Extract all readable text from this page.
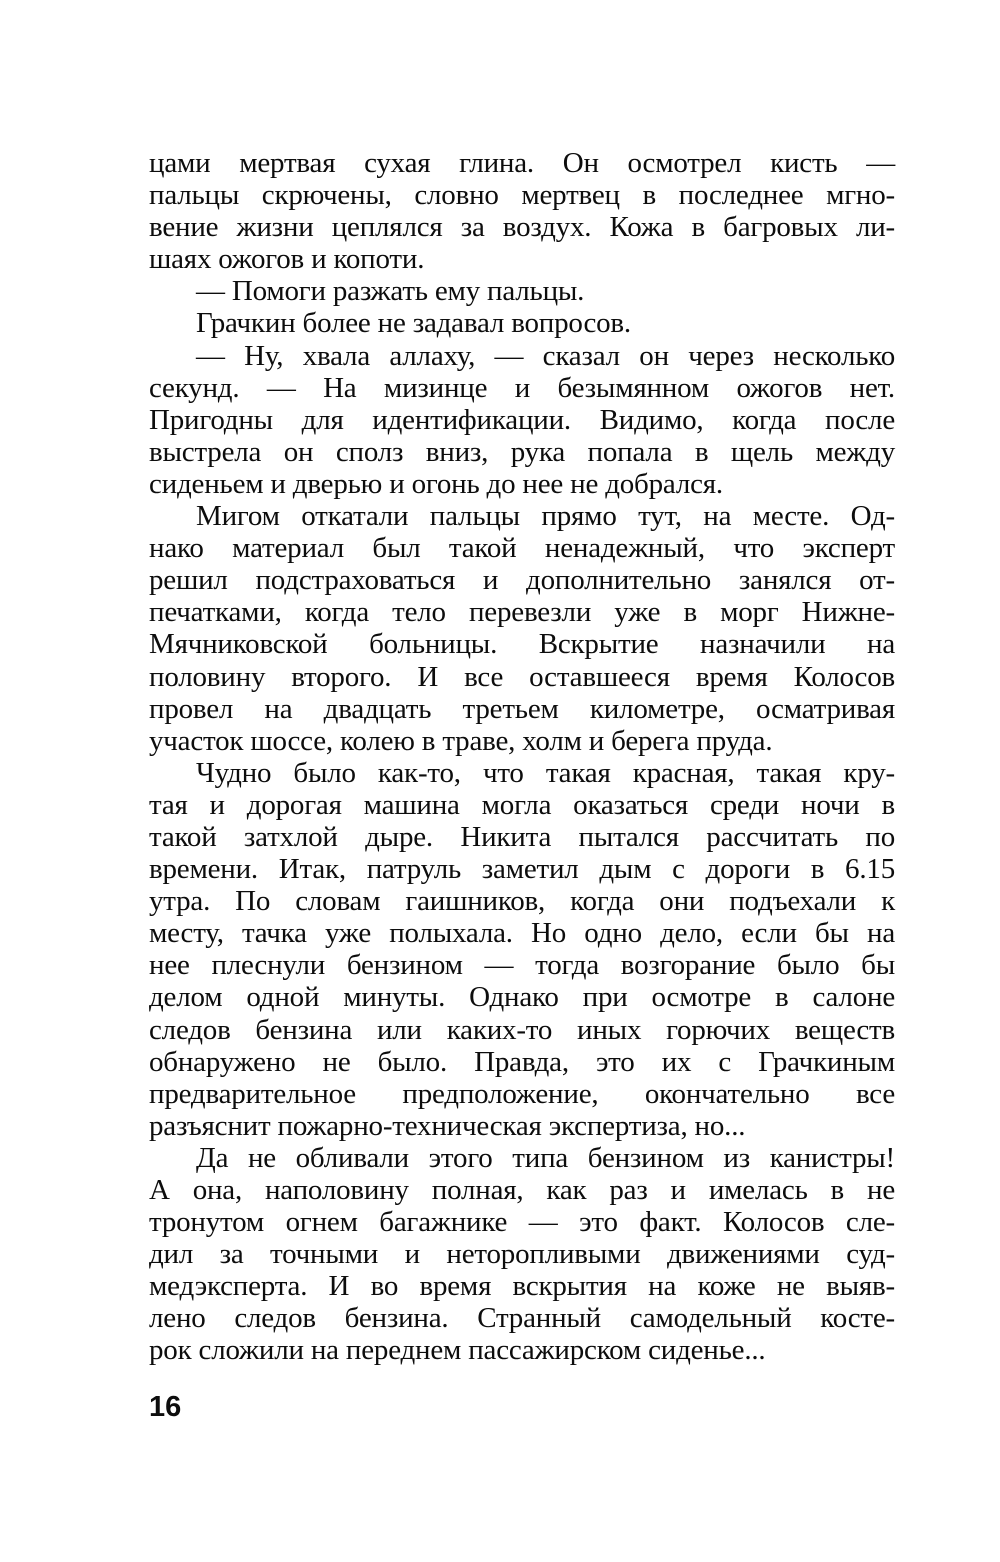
цами мертвая сухая глина. Он осмотрел кисть —
пальцы скрючены, словно мертвец в последнее мгно-
вение жизни цеплялся за воздух. Кожа в багровых ли-
шаях ожогов и копоти.
— Помоги разжать ему пальцы.
Грачкин более не задавал вопросов.
— Ну, хвала аллаху, — сказал он через несколько
секунд. — На мизинце и безымянном ожогов нет.
Пригодны для идентификации. Видимо, когда после
выстрела он сполз вниз, рука попала в щель между
сиденьем и дверью и огонь до нее не добрался.
Мигом откатали пальцы прямо тут, на месте. Од-
нако материал был такой ненадежный, что эксперт
решил подстраховаться и дополнительно занялся от-
печатками, когда тело перевезли уже в морг Нижне-
Мячниковской больницы. Вскрытие назначили на
половину второго. И все оставшееся время Колосов
провел на двадцать третьем километре, осматривая
участок шоссе, колею в траве, холм и берега пруда.
Чудно было как-то, что такая красная, такая кру-
тая и дорогая машина могла оказаться среди ночи в
такой затхлой дыре. Никита пытался рассчитать по
времени. Итак, патруль заметил дым с дороги в 6.15
утра. По словам гаишников, когда они подъехали к
месту, тачка уже полыхала. Но одно дело, если бы на
нее плеснули бензином — тогда возгорание было бы
делом одной минуты. Однако при осмотре в салоне
следов бензина или каких-то иных горючих веществ
обнаружено не было. Правда, это их с Грачкиным
предварительное предположение, окончательно все
разъяснит пожарно-техническая экспертиза, но...
Да не обливали этого типа бензином из канистры!
А она, наполовину полная, как раз и имелась в не
тронутом огнем багажнике — это факт. Колосов сле-
дил за точными и неторопливыми движениями суд-
медэксперта. И во время вскрытия на коже не выяв-
лено следов бензина. Странный самодельный косте-
рок сложили на переднем пассажирском сиденье...
16
